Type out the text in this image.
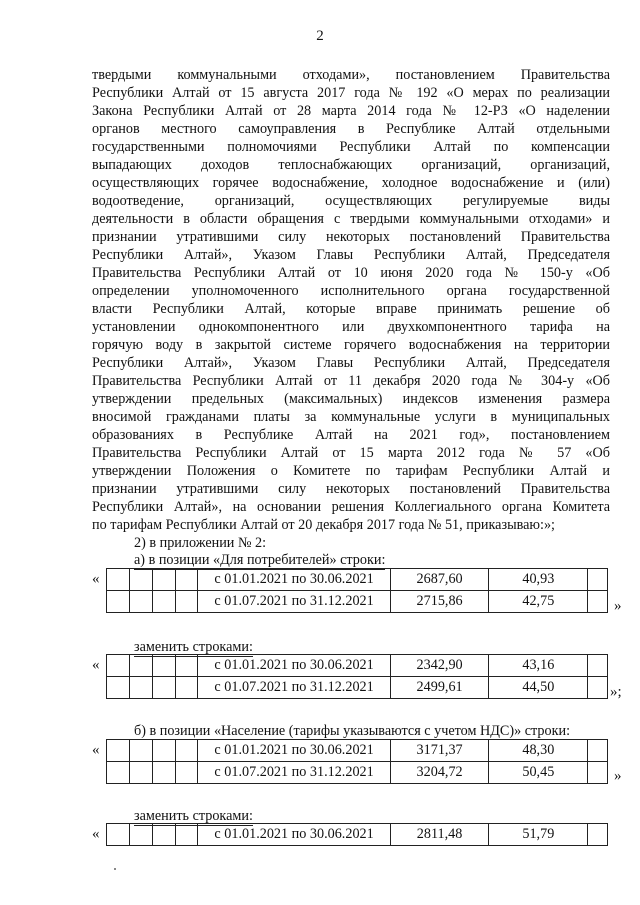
2
твердыми коммунальными отходами», постановлением Правительства
Республики Алтай от 15 августа 2017 года № 192 «О мерах по реализации
Закона Республики Алтай от 28 марта 2014 года № 12-РЗ «О наделении
органов местного самоуправления в Республике Алтай отдельными
государственными полномочиями Республики Алтай по компенсации
выпадающих доходов теплоснабжающих организаций, организаций,
осуществляющих горячее водоснабжение, холодное водоснабжение и (или)
водоотведение, организаций, осуществляющих регулируемые виды
деятельности в области обращения с твердыми коммунальными отходами» и
признании утратившими силу некоторых постановлений Правительства
Республики Алтай», Указом Главы Республики Алтай, Председателя
Правительства Республики Алтай от 10 июня 2020 года № 150-у «Об
определении уполномоченного исполнительного органа государственной
власти Республики Алтай, которые вправе принимать решение об
установлении однокомпонентного или двухкомпонентного тарифа на
горячую воду в закрытой системе горячего водоснабжения на территории
Республики Алтай», Указом Главы Республики Алтай, Председателя
Правительства Республики Алтай от 11 декабря 2020 года № 304-у «Об
утверждении предельных (максимальных) индексов изменения размера
вносимой гражданами платы за коммунальные услуги в муниципальных
образованиях в Республике Алтай на 2021 год», постановлением
Правительства Республики Алтай от 15 марта 2012 года № 57 «Об
утверждении Положения о Комитете по тарифам Республики Алтай и
признании утратившими силу некоторых постановлений Правительства
Республики Алтай», на основании решения Коллегиального органа Комитета
по тарифам Республики Алтай от 20 декабря 2017 года № 51, приказываю:»;
2) в приложении № 2:
а) в позиции «Для потребителей» строки:
«
					с 01.01.2021 по 30.06.2021	2687,60	40,93	
				с 01.07.2021 по 31.12.2021	2715,86	42,75		»
заменить строками:
«
					с 01.01.2021 по 30.06.2021	2342,90	43,16	
				с 01.07.2021 по 31.12.2021	2499,61	44,50		»;
б) в позиции «Население (тарифы указываются с учетом НДС)» строки:
«
					с 01.01.2021 по 30.06.2021	3171,37	48,30	
				с 01.07.2021 по 31.12.2021	3204,72	50,45		»
заменить строками:
«
					с 01.01.2021 по 30.06.2021	2811,48	51,79	
